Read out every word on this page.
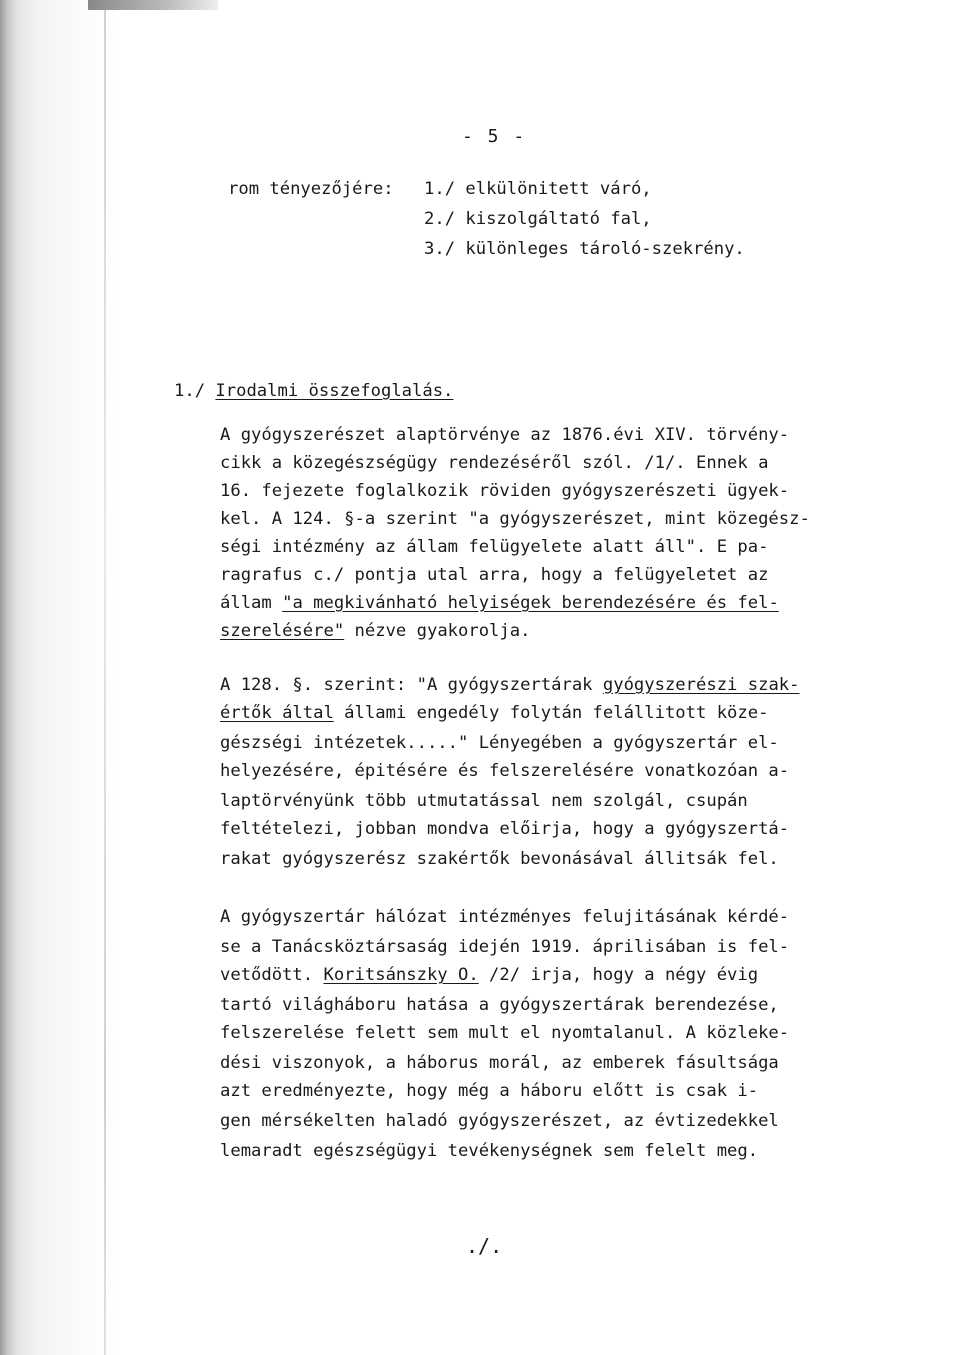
- 5 -
rom tényezőjére: 1./ elkülönitett váró,
2./ kiszolgáltató fal,
3./ különleges tároló-szekrény.
1./ Irodalmi összefoglalás.
A gyógyszerészet alaptörvénye az 1876.évi XIV. törvény-
cikk a közegészségügy rendezéséről szól. /1/. Ennek a
16. fejezete foglalkozik röviden gyógyszerészeti ügyek-
kel. A 124. §-a szerint "a gyógyszerészet, mint közegész-
ségi intézmény az állam felügyelete alatt áll". E pa-
ragrafus c./ pontja utal arra, hogy a felügyeletet az
állam "a megkivánható helyiségek berendezésére és fel-
szerelésére" nézve gyakorolja.
A 128. §. szerint: "A gyógyszertárak gyógyszerészi szak-
értők által állami engedély folytán felállitott köze-
gészségi intézetek....." Lényegében a gyógyszertár el-
helyezésére, épitésére és felszerelésére vonatkozóan a-
laptörvényünk több utmutatással nem szolgál, csupán
feltételezi, jobban mondva előirja, hogy a gyógyszertá-
rakat gyógyszerész szakértők bevonásával állitsák fel.
A gyógyszertár hálózat intézményes felujitásának kérdé-
se a Tanácsköztársaság idején 1919. áprilisában is fel-
vetődött. Koritsánszky O. /2/ irja, hogy a négy évig
tartó világháboru hatása a gyógyszertárak berendezése,
felszerelése felett sem mult el nyomtalanul. A közleke-
dési viszonyok, a háborus morál, az emberek fásultsága
azt eredményezte, hogy még a háboru előtt is csak i-
gen mérsékelten haladó gyógyszerészet, az évtizedekkel
lemaradt egészségügyi tevékenységnek sem felelt meg.
./.
